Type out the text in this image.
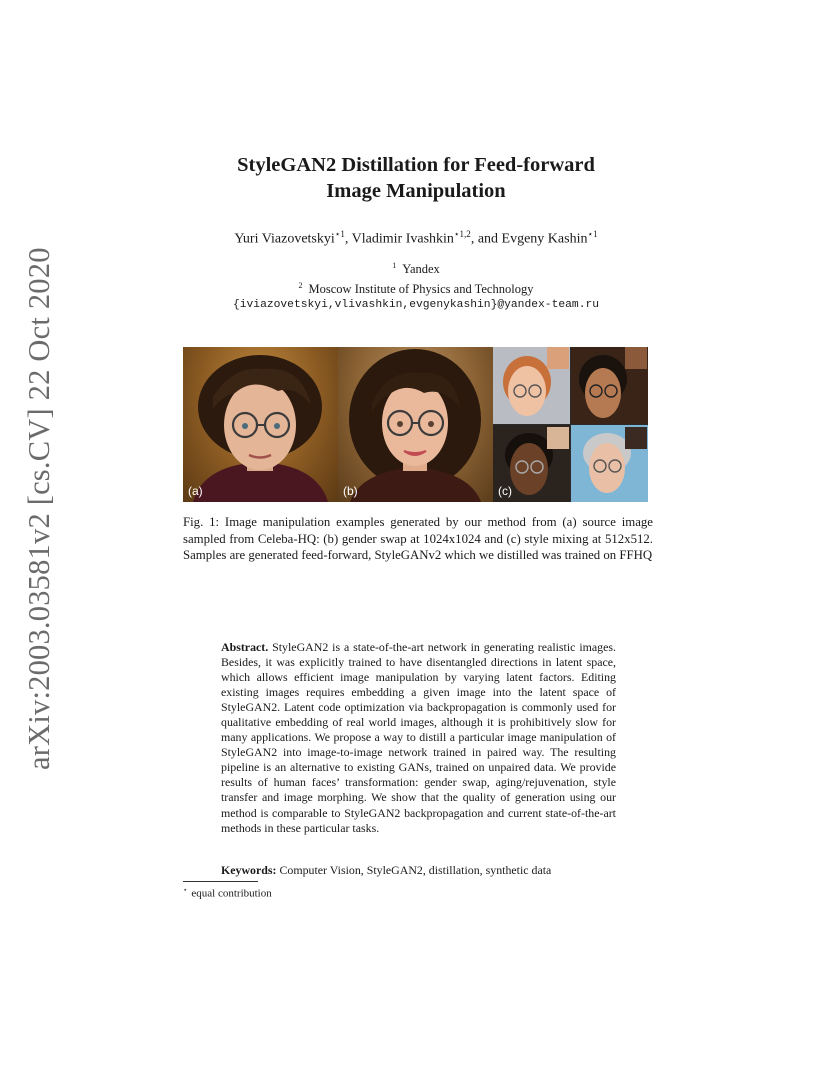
arXiv:2003.03581v2 [cs.CV] 22 Oct 2020
StyleGAN2 Distillation for Feed-forward
Image Manipulation
Yuri Viazovetskyi$^{⋆1}$, Vladimir Ivashkin$^{⋆1,2}$, and Evgeny Kashin$^{⋆1}$
$^1$ Yandex
$^2$ Moscow Institute of Physics and Technology
{iviazovetskyi,vlivashkin,evgenykashin}@yandex-team.ru
(a)	(b)	(c)

Fig. 1: Image manipulation examples generated by our method from (a) source image sampled from Celeba-HQ: (b) gender swap at 1024x1024 and (c) style mixing at 512x512. Samples are generated feed-forward, StyleGANv2 which we distilled was trained on FFHQ

Abstract. StyleGAN2 is a state-of-the-art network in generating realistic images. Besides, it was explicitly trained to have disentangled directions in latent space, which allows efficient image manipulation by varying latent factors. Editing existing images requires embedding a given image into the latent space of StyleGAN2. Latent code optimization via backpropagation is commonly used for qualitative embedding of real world images, although it is prohibitively slow for many applications. We propose a way to distill a particular image manipulation of StyleGAN2 into image-to-image network trained in paired way. The resulting pipeline is an alternative to existing GANs, trained on unpaired data. We provide results of human faces’ transformation: gender swap, aging/rejuvenation, style transfer and image morphing. We show that the quality of generation using our method is comparable to StyleGAN2 backpropagation and current state-of-the-art methods in these particular tasks.

Keywords: Computer Vision, StyleGAN2, distillation, synthetic data

⋆ equal contribution
